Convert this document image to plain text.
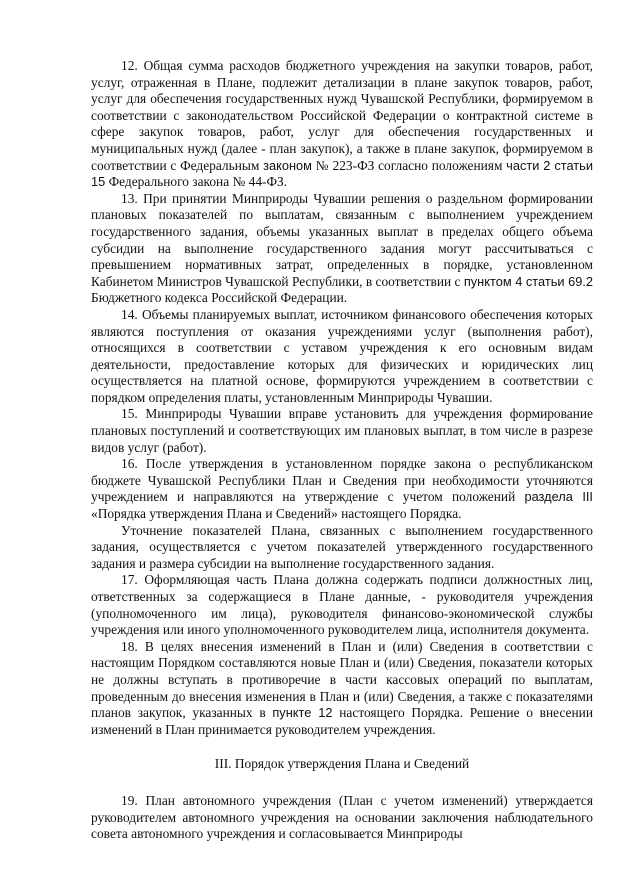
12. Общая сумма расходов бюджетного учреждения на закупки товаров, работ, услуг, отраженная в Плане, подлежит детализации в плане закупок товаров, работ, услуг для обеспечения государственных нужд Чувашской Республики, формируемом в соответствии с законодательством Российской Федерации о контрактной системе в сфере закупок товаров, работ, услуг для обеспечения государственных и муниципальных нужд (далее - план закупок), а также в плане закупок, формируемом в соответствии с Федеральным законом № 223-ФЗ согласно положениям части 2 статьи 15 Федерального закона № 44-ФЗ.

13. При принятии Минприроды Чувашии решения о раздельном формировании плановых показателей по выплатам, связанным с выполнением учреждением государственного задания, объемы указанных выплат в пределах общего объема субсидии на выполнение государственного задания могут рассчитываться с превышением нормативных затрат, определенных в порядке, установленном Кабинетом Министров Чувашской Республики, в соответствии с пунктом 4 статьи 69.2 Бюджетного кодекса Российской Федерации.

14. Объемы планируемых выплат, источником финансового обеспечения которых являются поступления от оказания учреждениями услуг (выполнения работ), относящихся в соответствии с уставом учреждения к его основным видам деятельности, предоставление которых для физических и юридических лиц осуществляется на платной основе, формируются учреждением в соответствии с порядком определения платы, установленным Минприроды Чувашии.

15. Минприроды Чувашии вправе установить для учреждения формирование плановых поступлений и соответствующих им плановых выплат, в том числе в разрезе видов услуг (работ).

16. После утверждения в установленном порядке закона о республиканском бюджете Чувашской Республики План и Сведения при необходимости уточняются учреждением и направляются на утверждение с учетом положений раздела III «Порядка утверждения Плана и Сведений» настоящего Порядка.

Уточнение показателей Плана, связанных с выполнением государственного задания, осуществляется с учетом показателей утвержденного государственного задания и размера субсидии на выполнение государственного задания.

17. Оформляющая часть Плана должна содержать подписи должностных лиц, ответственных за содержащиеся в Плане данные, - руководителя учреждения (уполномоченного им лица), руководителя финансово-экономической службы учреждения или иного уполномоченного руководителем лица, исполнителя документа.

18. В целях внесения изменений в План и (или) Сведения в соответствии с настоящим Порядком составляются новые План и (или) Сведения, показатели которых не должны вступать в противоречие в части кассовых операций по выплатам, проведенным до внесения изменения в План и (или) Сведения, а также с показателями планов закупок, указанных в пункте 12 настоящего Порядка. Решение о внесении изменений в План принимается руководителем учреждения.

III. Порядок утверждения Плана и Сведений

19. План автономного учреждения (План с учетом изменений) утверждается руководителем автономного учреждения на основании заключения наблюдательного совета автономного учреждения и согласовывается Минприроды
